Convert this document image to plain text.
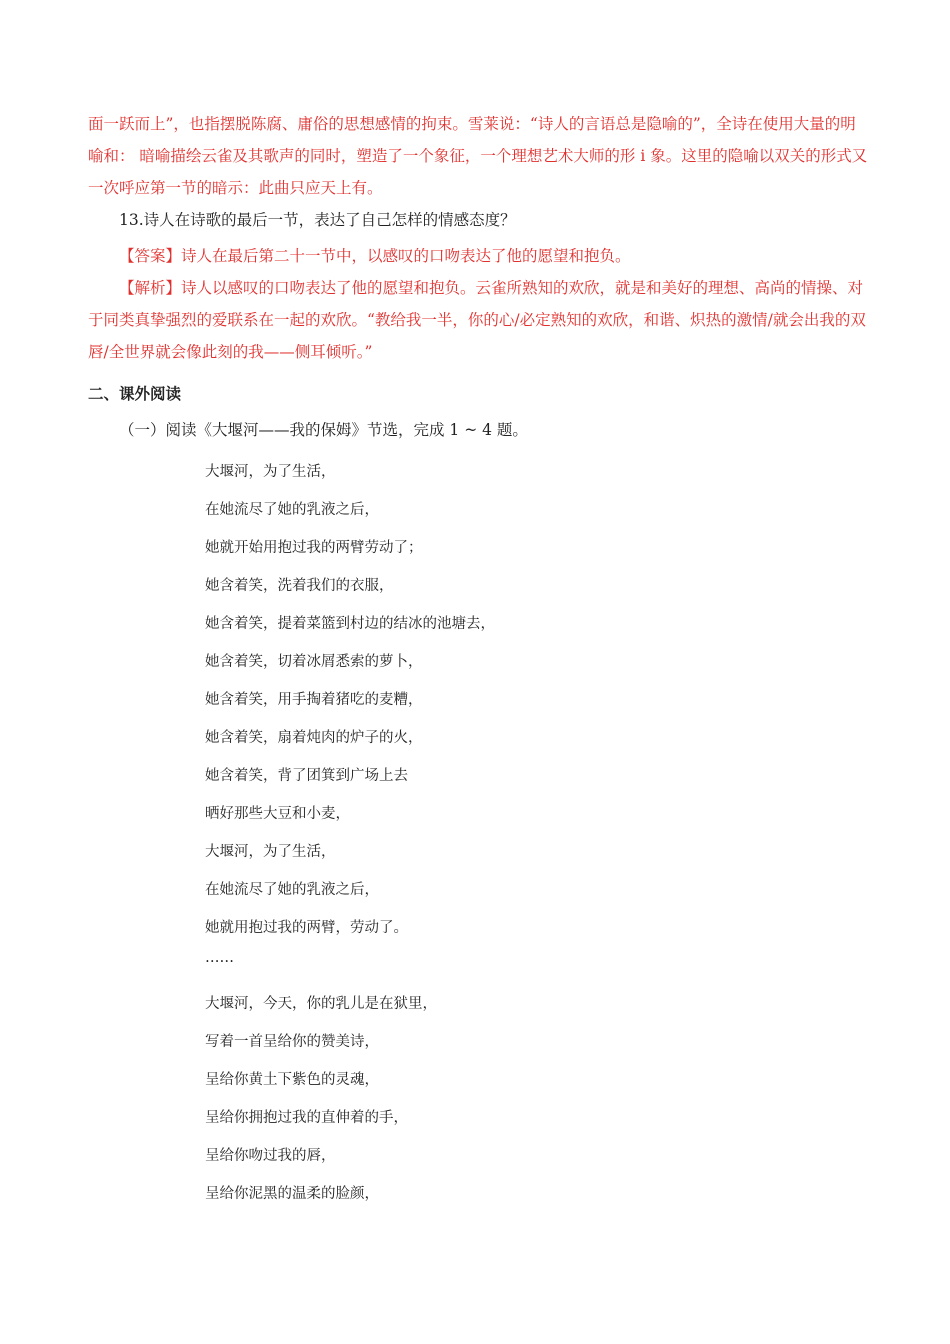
面一跃而上”，也指摆脱陈腐、庸俗的思想感情的拘束。雪莱说：“诗人的言语总是隐喻的”，全诗在使用大量的明喻和： 暗喻描绘云雀及其歌声的同时，塑造了一个象征，一个理想艺术大师的形 i 象。这里的隐喻以双关的形式又一次呼应第一节的暗示：此曲只应天上有。

13.诗人在诗歌的最后一节，表达了自己怎样的情感态度？

【答案】诗人在最后第二十一节中，以感叹的口吻表达了他的愿望和抱负。

【解析】诗人以感叹的口吻表达了他的愿望和抱负。云雀所熟知的欢欣，就是和美好的理想、高尚的情操、对于同类真挚强烈的爱联系在一起的欢欣。“教给我一半，你的心/必定熟知的欢欣，和谐、炽热的激情/就会出我的双唇/全世界就会像此刻的我——侧耳倾听。”

二、课外阅读

（一）阅读《大堰河——我的保姆》节选，完成 1 ~ 4 题。

大堰河，为了生活，

在她流尽了她的乳液之后，

她就开始用抱过我的两臂劳动了；

她含着笑，洗着我们的衣服，

她含着笑，提着菜篮到村边的结冰的池塘去，

她含着笑，切着冰屑悉索的萝卜，

她含着笑，用手掏着猪吃的麦糟，

她含着笑，扇着炖肉的炉子的火，

她含着笑，背了团箕到广场上去

晒好那些大豆和小麦，

大堰河，为了生活，

在她流尽了她的乳液之后，

她就用抱过我的两臂，劳动了。

……

大堰河，今天，你的乳儿是在狱里，

写着一首呈给你的赞美诗，

呈给你黄土下紫色的灵魂，

呈给你拥抱过我的直伸着的手，

呈给你吻过我的唇，

呈给你泥黑的温柔的脸颜，
